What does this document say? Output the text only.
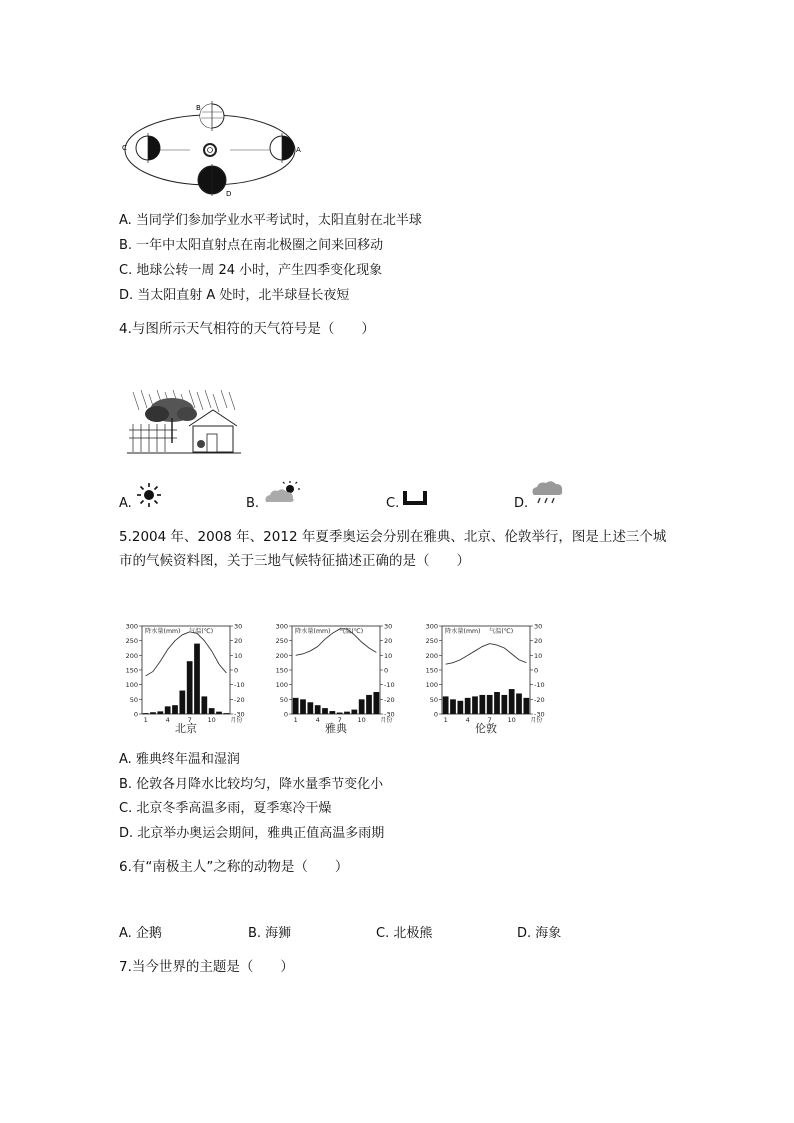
B
C	A
D
A. 当同学们参加学业水平考试时，太阳直射在北半球
B. 一年中太阳直射点在南北极圈之间来回移动
C. 地球公转一周 24 小时，产生四季变化现象
D. 当太阳直射 A 处时，北半球昼长夜短
4.与图所示天气相符的天气符号是（　　）
A.	B.	C.	D.
5.2004 年、2008 年、2012 年夏季奥运会分别在雅典、北京、伦敦举行，图是上述三个城
市的气候资料图，关于三地气候特征描述正确的是（　　）
300
250
200
150
100
50
0
30
20
10
0
-10
-20
-30
降水量(mm) 气温(℃)
1	4	7 10 月份
北京
300
250
200
150
100
50
0
30
20
10
0
-10
-20
-30
降水量(mm) 气温(℃)
1	4	7 10 月份
雅典
300
250
200
150
100
50
0
30
20
10
0
-10
-20
-30
降水量(mm) 气温(℃)
1	4	7 10 月份
伦敦
A. 雅典终年温和湿润
B. 伦敦各月降水比较均匀，降水量季节变化小
C. 北京冬季高温多雨，夏季寒冷干燥
D. 北京举办奥运会期间，雅典正值高温多雨期
6.有“南极主人”之称的动物是（　　）
A. 企鹅	B. 海狮	C. 北极熊	D. 海象
7.当今世界的主题是（　　）
